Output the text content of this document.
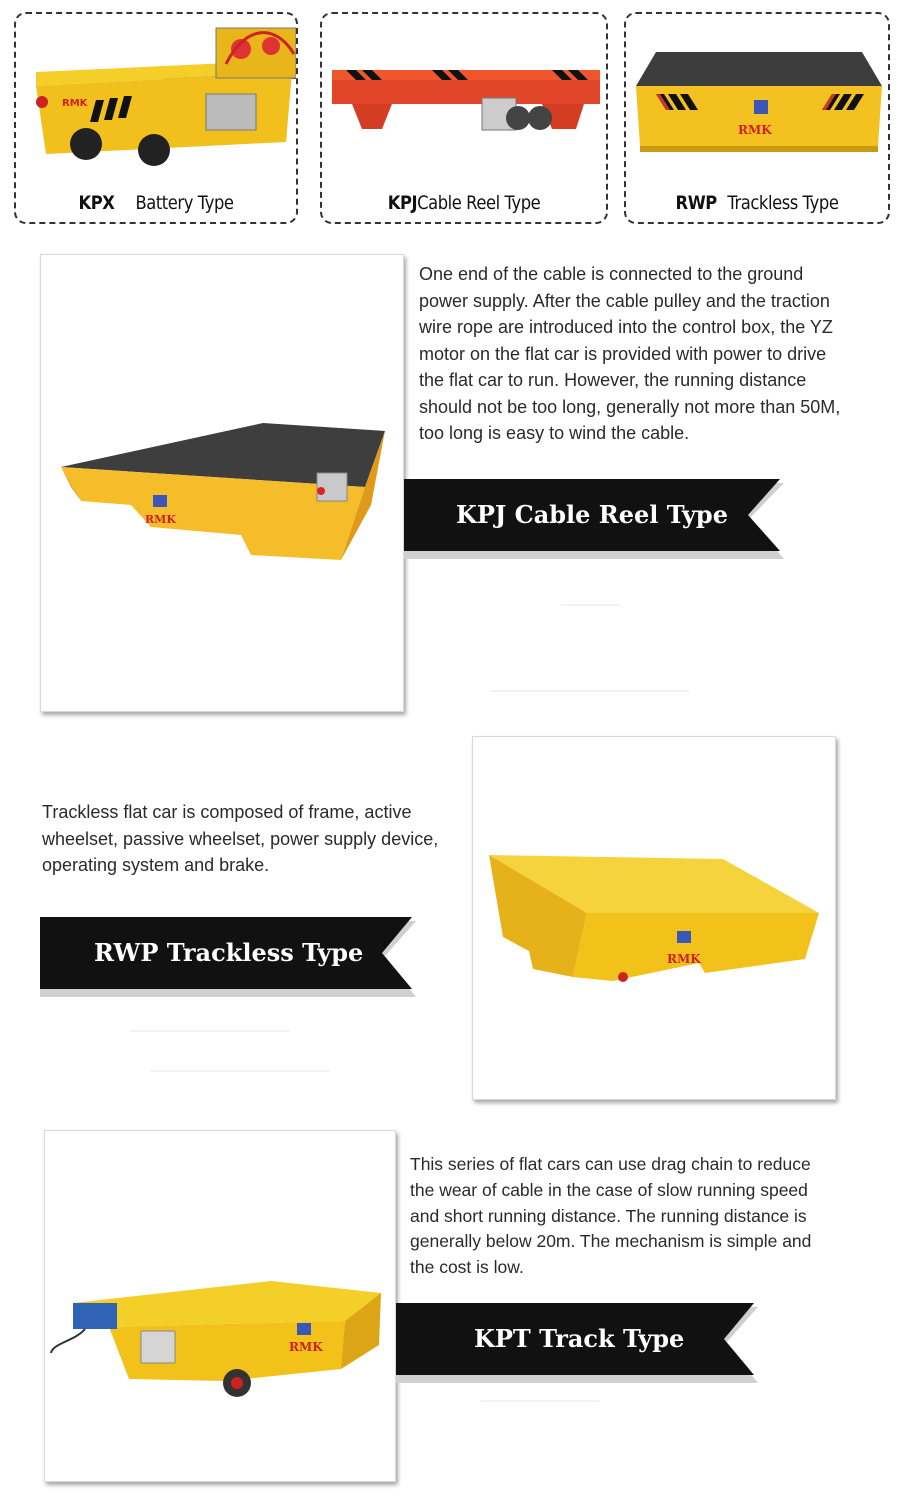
RMK
KPX Battery Type	KPJCable Reel Type
RMK
RWP Trackless Type
RMK
One end of the cable is connected to the ground power supply. After the cable pulley and the traction wire rope are introduced into the control box, the YZ motor on the flat car is provided with power to drive the flat car to run. However, the running distance should not be too long, generally not more than 50M, too long is easy to wind the cable.
KPJ Cable Reel Type
Trackless flat car is composed of frame, active wheelset, passive wheelset, power supply device, operating system and brake.
RWP Trackless Type	RMK
RMK
This series of flat cars can use drag chain to reduce the wear of cable in the case of slow running speed and short running distance. The running distance is generally below 20m. The mechanism is simple and the cost is low.
KPT Track Type
